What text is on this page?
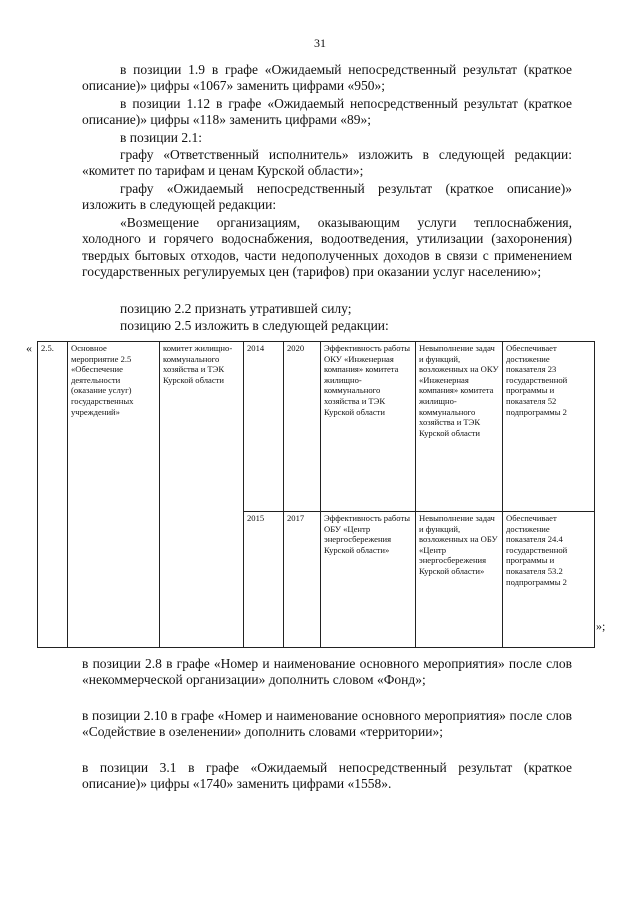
31
в позиции 1.9 в графе «Ожидаемый непосредственный результат (краткое описание)» цифры «1067» заменить цифрами «950»;
в позиции 1.12 в графе «Ожидаемый непосредственный результат (краткое описание)» цифры «118» заменить цифрами «89»;
в позиции 2.1:
графу «Ответственный исполнитель» изложить в следующей редакции: «комитет по тарифам и ценам Курской области»;
графу «Ожидаемый непосредственный результат (краткое описание)» изложить в следующей редакции:
«Возмещение организациям, оказывающим услуги теплоснабжения, холодного и горячего водоснабжения, водоотведения, утилизации (захоронения) твердых бытовых отходов, части недополученных доходов в связи с применением государственных регулируемых цен (тарифов) при оказании услуг населению»;
позицию 2.2 признать утратившей силу;
позицию 2.5 изложить в следующей редакции:
« 2.5.	Основное мероприятие 2.5 «Обеспечение деятельности (оказание услуг) государственных учреждений»	комитет жилищно-коммунального хозяйства и ТЭК Курской области	2014	2020	Эффективность работы ОКУ «Инженерная компания» комитета жилищно-коммунального хозяйства и ТЭК Курской области	Невыполнение задач и функций, возложенных на ОКУ «Инженерная компания» комитета жилищно-коммунального хозяйства и ТЭК Курской области	Обеспечивает достижение показателя 23 государственной программы и показателя 52 подпрограммы 2
			2015	2017	Эффективность работы ОБУ «Центр энергосбережения Курской области»	Невыполнение задач и функций, возложенных на ОБУ «Центр энергосбережения Курской области»	Обеспечивает достижение показателя 24.4 государственной программы и показателя 53.2 подпрограммы 2
»;
в позиции 2.8 в графе «Номер и наименование основного мероприятия» после слов «некоммерческой организации» дополнить словом «Фонд»;
в позиции 2.10 в графе «Номер и наименование основного мероприятия» после слов «Содействие в озеленении» дополнить словами «территории»;
в позиции 3.1 в графе «Ожидаемый непосредственный результат (краткое описание)» цифры «1740» заменить цифрами «1558».
